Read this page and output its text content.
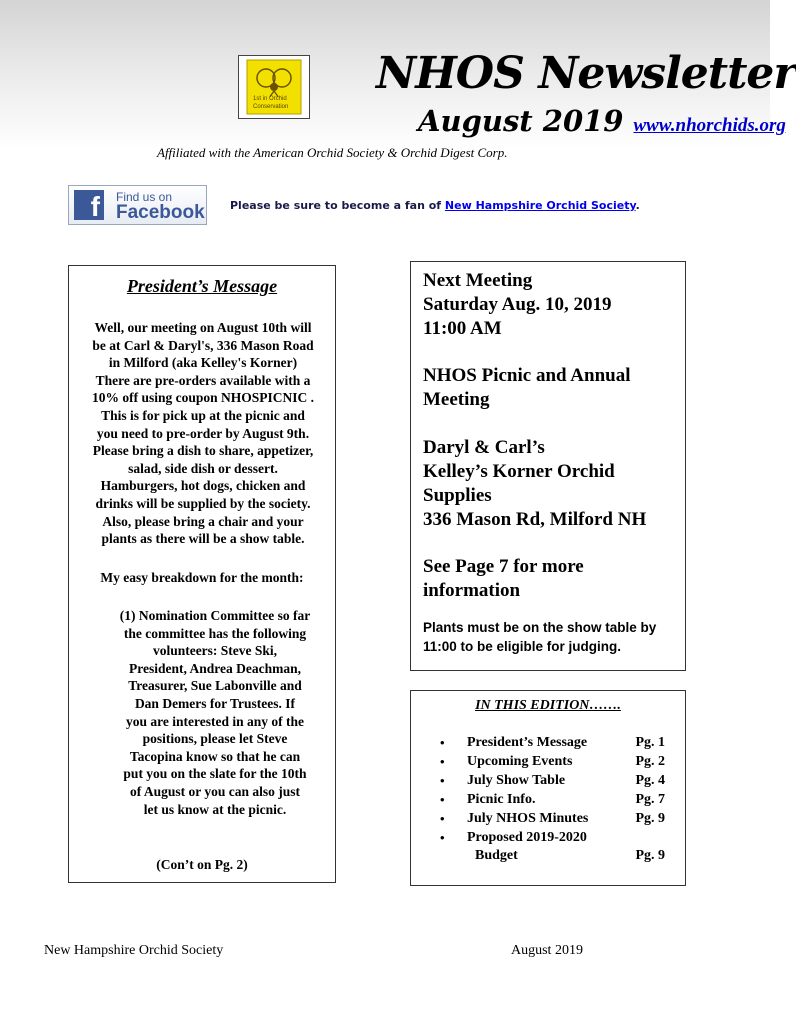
1st in Orchid
Conservation
NHOS Newsletter
August 2019 www.nhorchids.org
Affiliated with the American Orchid Society & Orchid Digest Corp.
f	Find us on
Facebook Please be sure to become a fan of New Hampshire Orchid Society.
President’s Message
Well, our meeting on August 10th will
be at Carl & Daryl's, 336 Mason Road
in Milford (aka Kelley's Korner)
There are pre-orders available with a
10% off using coupon NHOSPICNIC .
This is for pick up at the picnic and
you need to pre-order by August 9th.
Please bring a dish to share, appetizer,
salad, side dish or dessert.
Hamburgers, hot dogs, chicken and
drinks will be supplied by the society.
Also, please bring a chair and your
plants as there will be a show table.
My easy breakdown for the month:
(1) Nomination Committee so far
the committee has the following
volunteers: Steve Ski,
President, Andrea Deachman,
Treasurer, Sue Labonville and
Dan Demers for Trustees. If
you are interested in any of the
positions, please let Steve
Tacopina know so that he can
put you on the slate for the 10th
of August or you can also just
let us know at the picnic.
(Con’t on Pg. 2)
Next Meeting
Saturday Aug. 10, 2019
11:00 AM
NHOS Picnic and Annual
Meeting
Daryl & Carl’s
Kelley’s Korner Orchid
Supplies
336 Mason Rd, Milford NH
See Page 7 for more
information
Plants must be on the show table by 11:00 to be eligible for judging.
IN THIS EDITION…….
• President’s Message	Pg. 1
• Upcoming Events	Pg. 2
• July Show Table	Pg. 4
• Picnic Info.	Pg. 7
• July NHOS Minutes	Pg. 9
• Proposed 2019-2020
Budget	Pg. 9
New Hampshire Orchid Society	August 2019
